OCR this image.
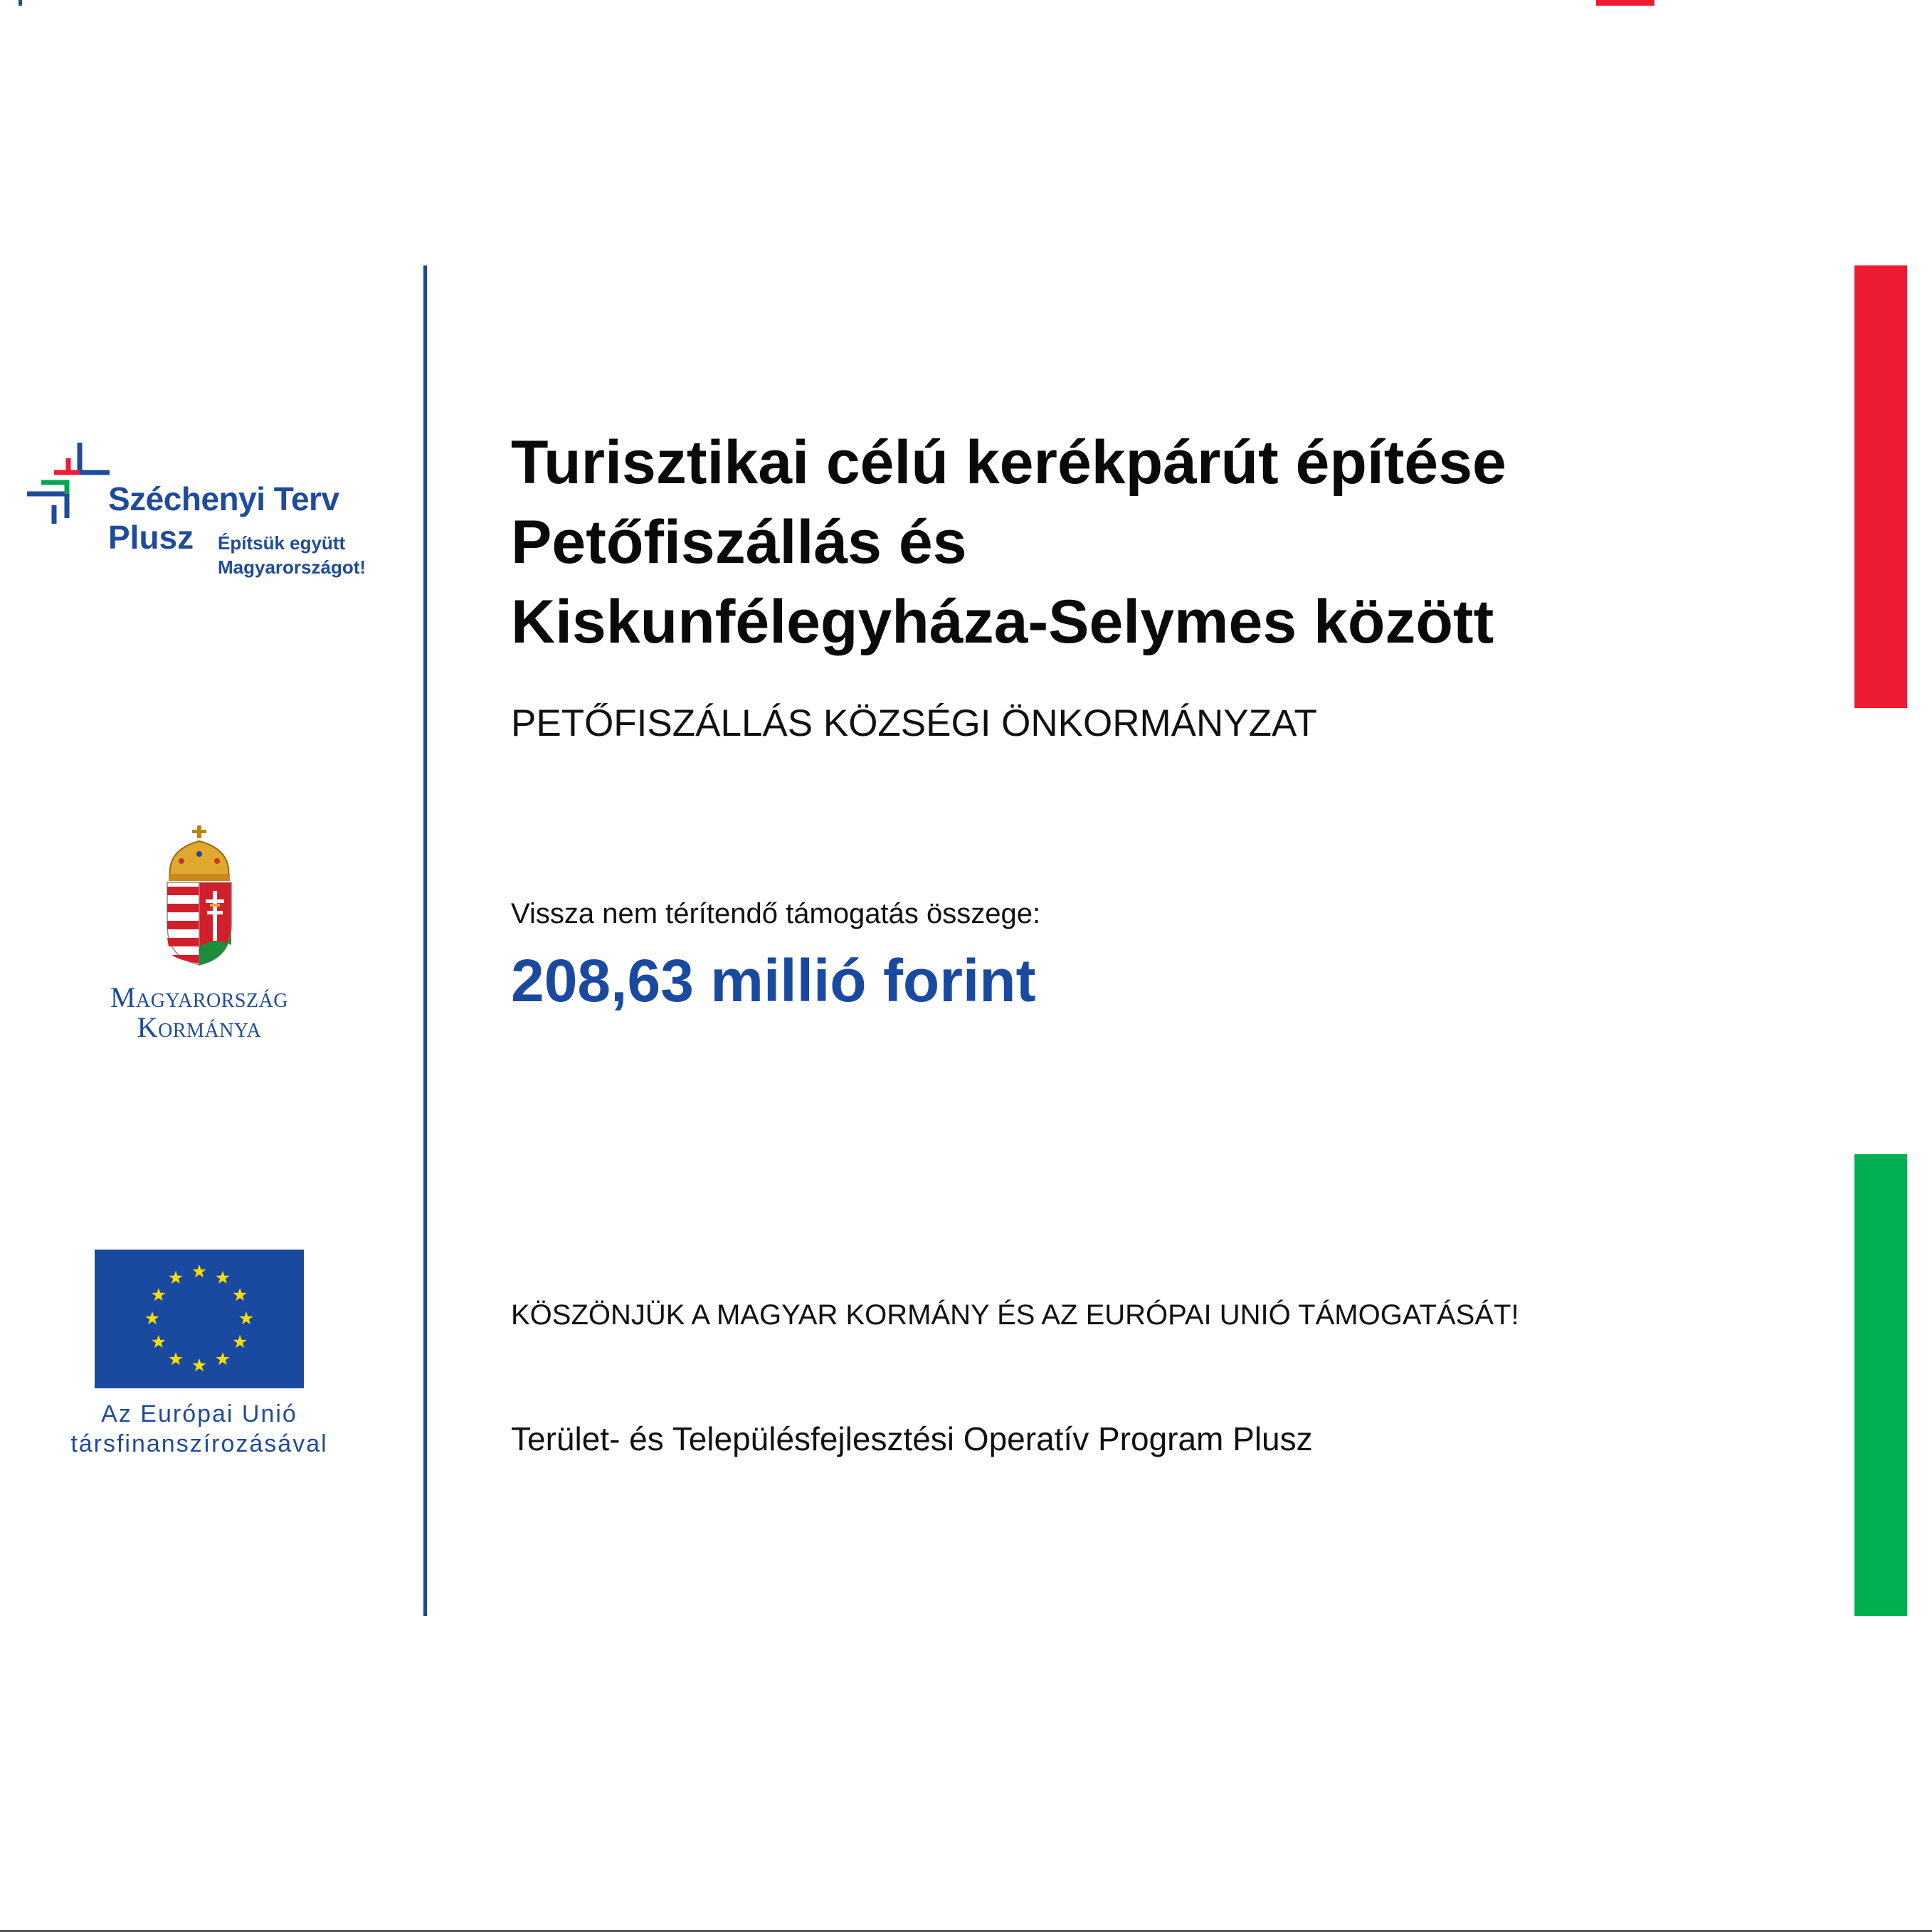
Széchenyi Terv
Plusz Építsük együtt
Magyarországot!
Magyarország
Kormánya
Az Európai Unió
társfinanszírozásával
Turisztikai célú kerékpárút építése
Petőfiszállás és
Kiskunfélegyháza-Selymes között
PETŐFISZÁLLÁS KÖZSÉGI ÖNKORMÁNYZAT
Vissza nem térítendő támogatás összege:
208,63 millió forint
KÖSZÖNJÜK A MAGYAR KORMÁNY ÉS AZ EURÓPAI UNIÓ TÁMOGATÁSÁT!
Terület- és Településfejlesztési Operatív Program Plusz
